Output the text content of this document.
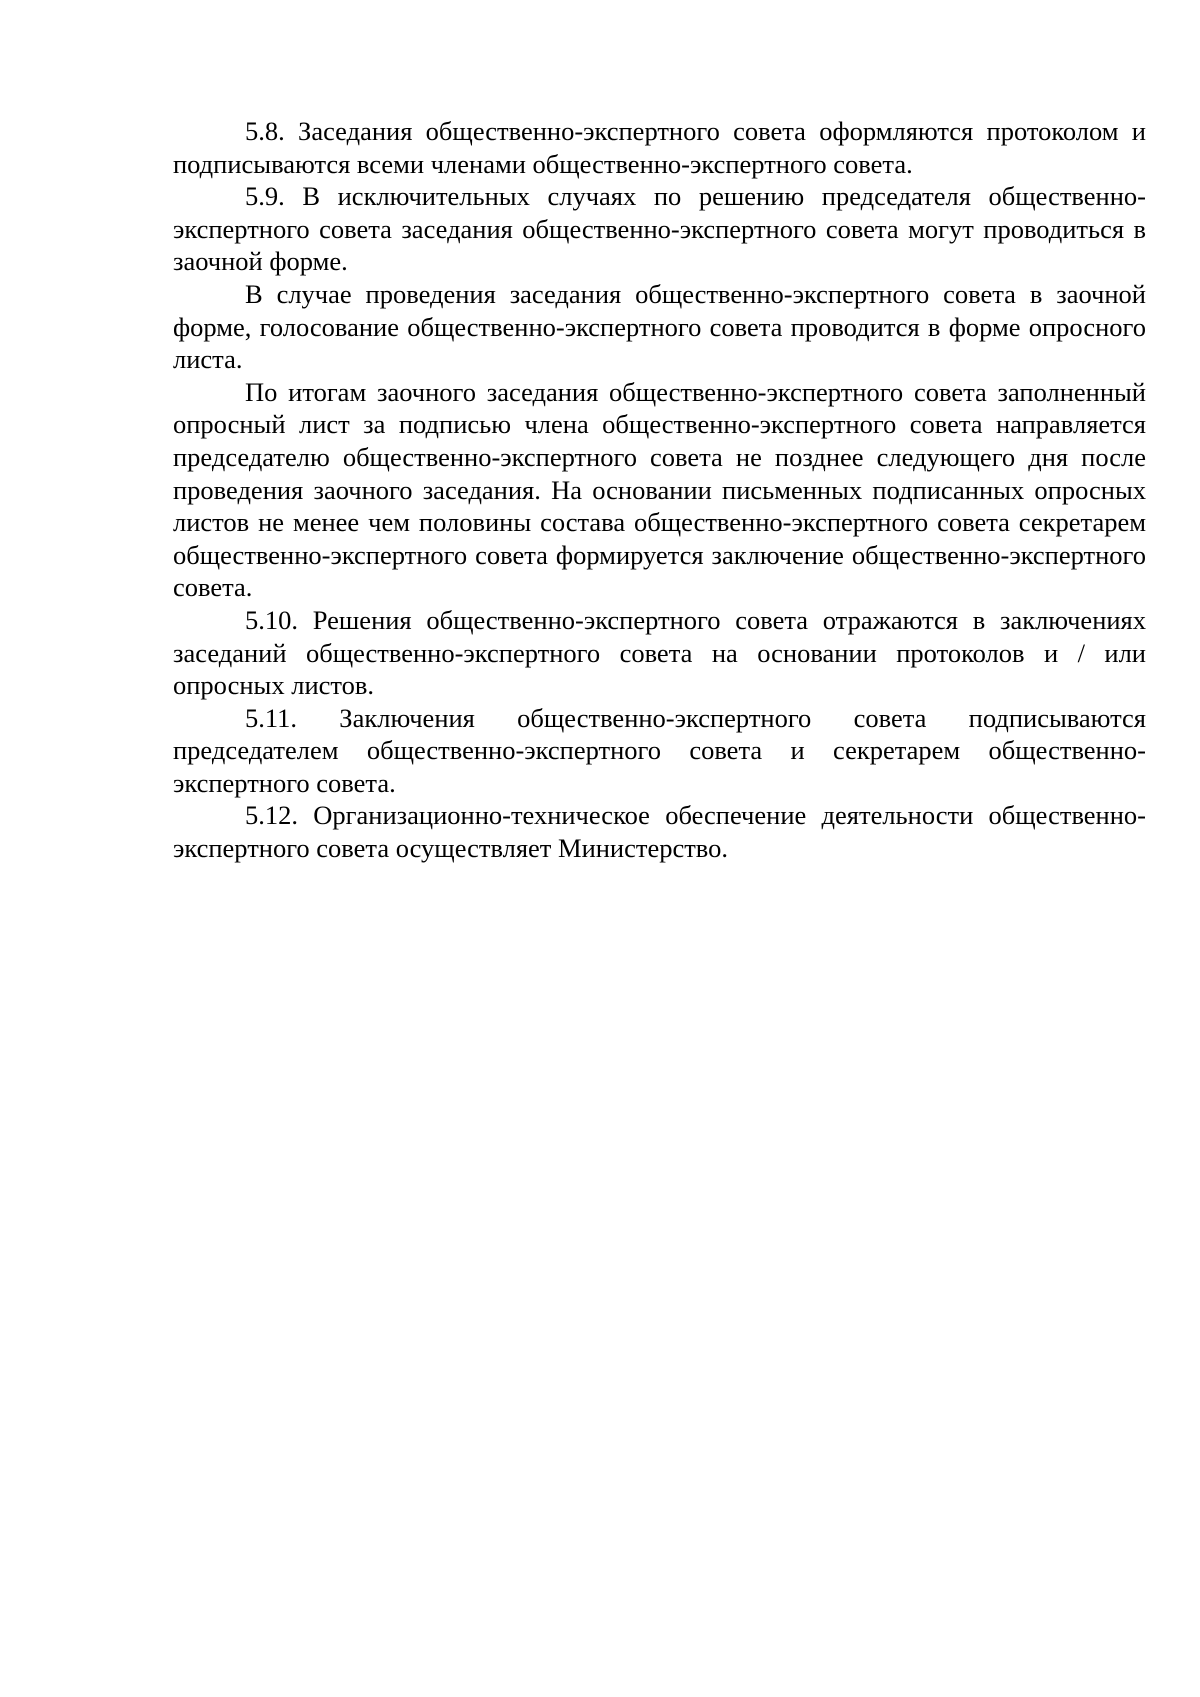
5.8. Заседания общественно-экспертного совета оформляются протоколом и подписываются всеми членами общественно-экспертного совета.

5.9. В исключительных случаях по решению председателя общественно-экспертного совета заседания общественно-экспертного совета могут проводиться в заочной форме.

В случае проведения заседания общественно-экспертного совета в заочной форме, голосование общественно-экспертного совета проводится в форме опросного листа.

По итогам заочного заседания общественно-экспертного совета заполненный опросный лист за подписью члена общественно-экспертного совета направляется председателю общественно-экспертного совета не позднее следующего дня после проведения заочного заседания. На основании письменных подписанных опросных листов не менее чем половины состава общественно-экспертного совета секретарем общественно-экспертного совета формируется заключение общественно-экспертного совета.

5.10. Решения общественно-экспертного совета отражаются в заключениях заседаний общественно-экспертного совета на основании протоколов и / или опросных листов.

5.11. Заключения общественно-экспертного совета подписываются председателем общественно-экспертного совета и секретарем общественно-экспертного совета.

5.12. Организационно-техническое обеспечение деятельности общественно-экспертного совета осуществляет Министерство.
